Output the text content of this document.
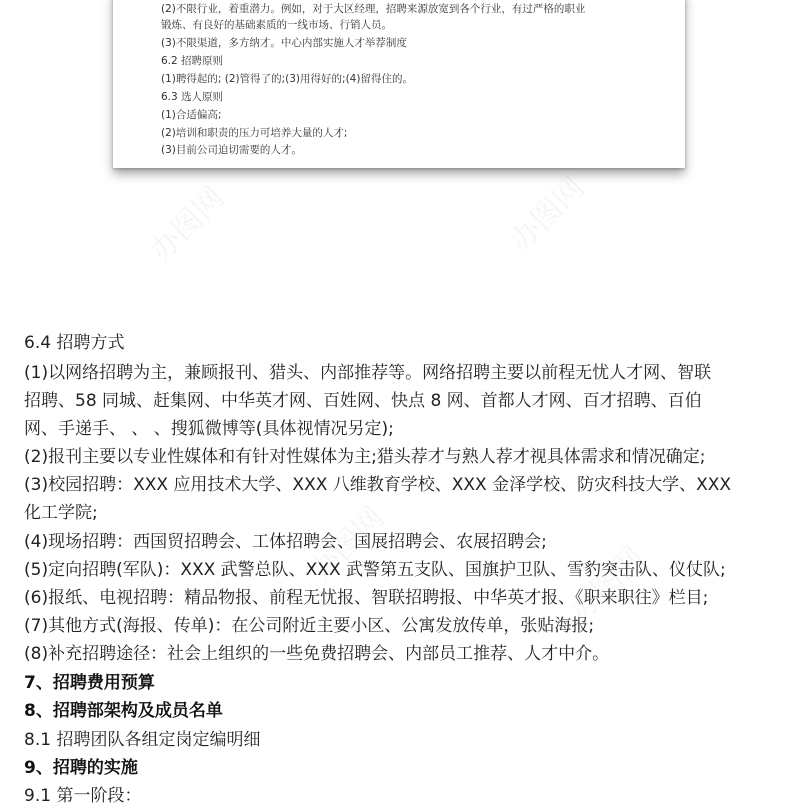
(2)不限行业，着重潜力。例如，对于大区经理，招聘来源放宽到各个行业，有过严格的职业
锻炼、有良好的基础素质的一线市场、行销人员。
(3)不限渠道，多方纳才。中心内部实施人才举荐制度
6.2 招聘原则
(1)聘得起的; (2)管得了的;(3)用得好的;(4)留得住的。
6.3 选人原则
(1)合适偏高;
(2)培训和职责的压力可培养大量的人才;
(3)目前公司迫切需要的人才。
办图网	办图网
办图网	办图网
6.4 招聘方式
(1)以网络招聘为主，兼顾报刊、猎头、内部推荐等。网络招聘主要以前程无忧人才网、智联
招聘、58 同城、赶集网、中华英才网、百姓网、快点 8 网、首都人才网、百才招聘、百伯
网、手递手、 、 、搜狐微博等(具体视情况另定);
(2)报刊主要以专业性媒体和有针对性媒体为主;猎头荐才与熟人荐才视具体需求和情况确定;
(3)校园招聘：XXX 应用技术大学、XXX 八维教育学校、XXX 金泽学校、防灾科技大学、XXX
化工学院;
(4)现场招聘：西国贸招聘会、工体招聘会、国展招聘会、农展招聘会;
(5)定向招聘(军队)：XXX 武警总队、XXX 武警第五支队、国旗护卫队、雪豹突击队、仪仗队;
(6)报纸、电视招聘：精品物报、前程无忧报、智联招聘报、中华英才报、《职来职往》栏目;
(7)其他方式(海报、传单)：在公司附近主要小区、公寓发放传单，张贴海报;
(8)补充招聘途径：社会上组织的一些免费招聘会、内部员工推荐、人才中介。
7、招聘费用预算
8、招聘部架构及成员名单
8.1 招聘团队各组定岗定编明细
9、招聘的实施
9.1 第一阶段：
